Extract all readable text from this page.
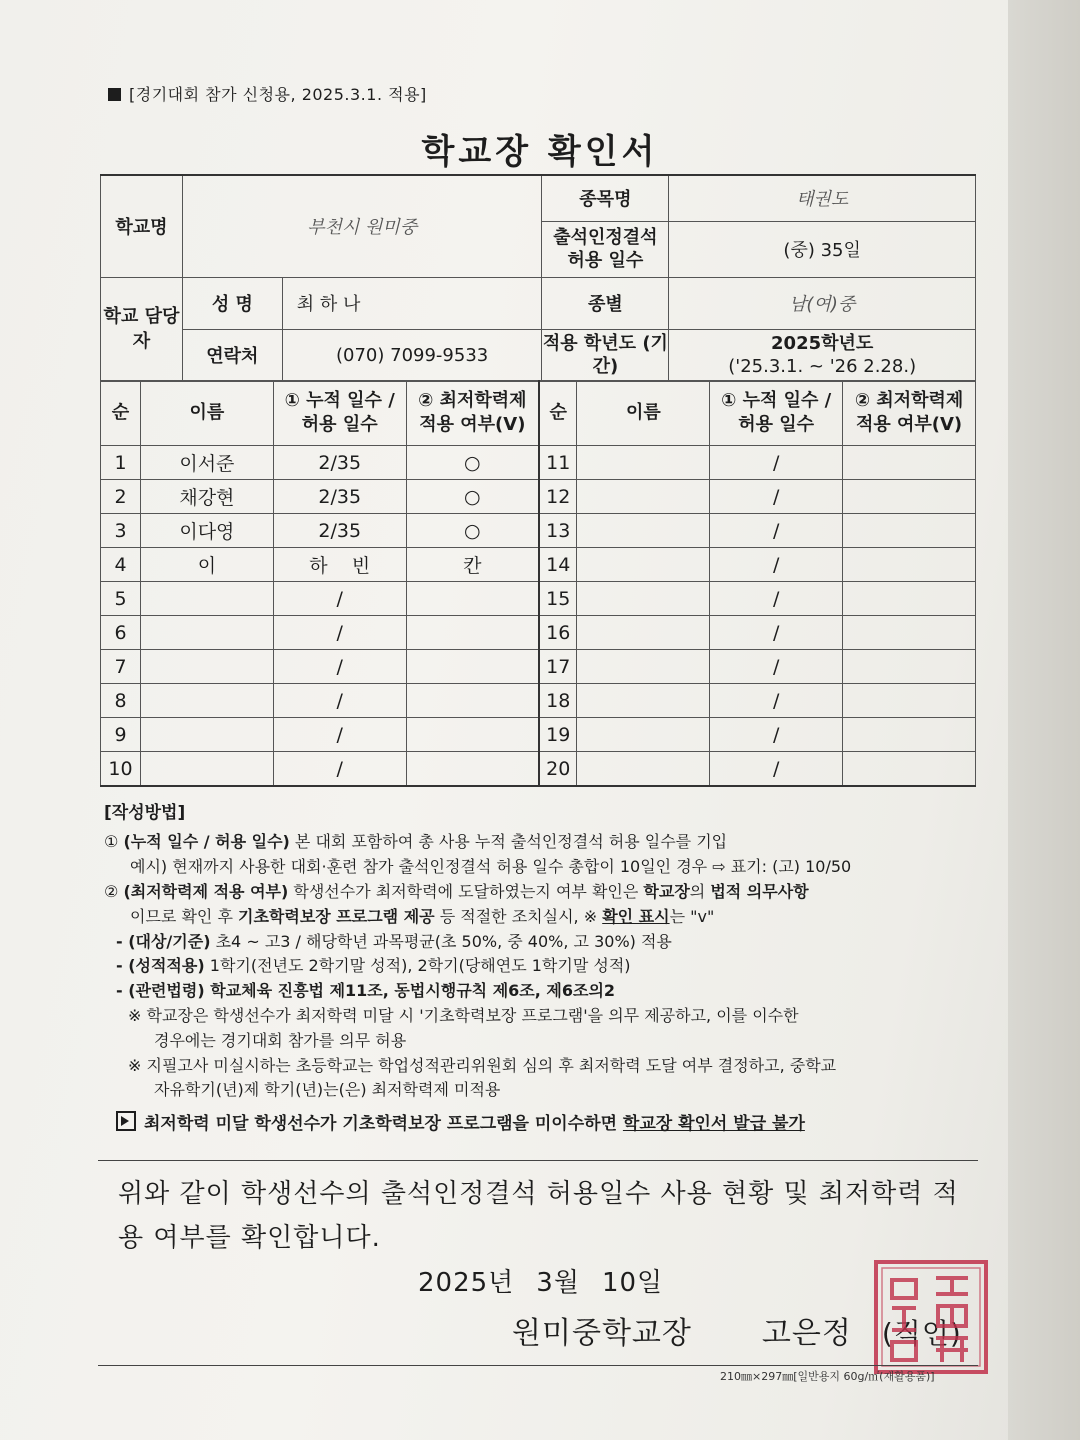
[경기대회 참가 신청용, 2025.3.1. 적용]
학교장 확인서
학교명	부천시 원미중		종목명	태권도
			출석인정결석 허용 일수	(중) 35일
학교 담당자	성 명	최 하 나	종별	남(여)중
	연락처	(070) 7099-9533	적용 학년도 (기간)	2025학년도
('25.3.1. ~ '26 2.28.)
순	이름	① 누적 일수 / 허용 일수	② 최저학력제 적용 여부(V)	순	이름	① 누적 일수 / 허용 일수	② 최저학력제 적용 여부(V)
1	이서준	2/35	○	11		/	
2	채강현	2/35	○	12		/	
3	이다영	2/35	○	13		/	
4	이	하    빈	칸	14		/	
5		/		15		/	
6		/		16		/	
7		/		17		/	
8		/		18		/	
9		/		19		/	
10		/		20		/	
[작성방법]
① (누적 일수 / 허용 일수) 본 대회 포함하여 총 사용 누적 출석인정결석 허용 일수를 기입
예시) 현재까지 사용한 대회·훈련 참가 출석인정결석 허용 일수 총합이 10일인 경우 ⇨ 표기: (고) 10/50
② (최저학력제 적용 여부) 학생선수가 최저학력에 도달하였는지 여부 확인은 학교장의 법적 의무사항
이므로 확인 후 기초학력보장 프로그램 제공 등 적절한 조치실시, ※ 확인 표시는 "v"
- (대상/기준) 초4 ~ 고3 / 해당학년 과목평균(초 50%, 중 40%, 고 30%) 적용
- (성적적용) 1학기(전년도 2학기말 성적), 2학기(당해연도 1학기말 성적)
- (관련법령) 학교체육 진흥법 제11조, 동법시행규칙 제6조, 제6조의2
※ 학교장은 학생선수가 최저학력 미달 시 '기초학력보장 프로그램'을 의무 제공하고, 이를 이수한
경우에는 경기대회 참가를 의무 허용
※ 지필고사 미실시하는 초등학교는 학업성적관리위원회 심의 후 최저학력 도달 여부 결정하고, 중학교
자유학기(년)제 학기(년)는(은) 최저학력제 미적용
최저학력 미달 학생선수가 기초학력보장 프로그램을 미이수하면 학교장 확인서 발급 불가
위와 같이 학생선수의 출석인정결석 허용일수 사용 현황 및 최저학력 적용 여부를 확인합니다.
2025년 3월 10일
원미중학교장 고은정 (직인)
210㎜×297㎜[일반용지 60g/㎡(재활용품)]
